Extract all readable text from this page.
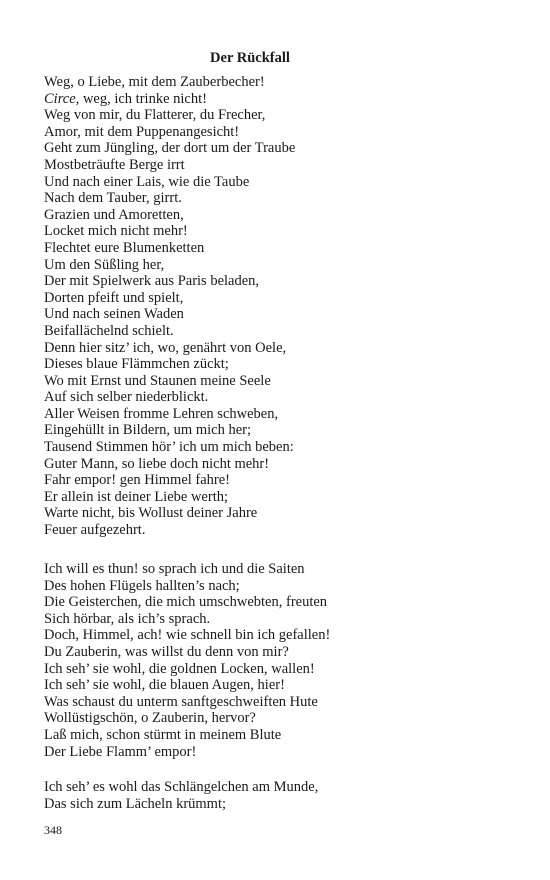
Der Rückfall
Weg, o Liebe, mit dem Zauberbecher!
Circe, weg, ich trinke nicht!
Weg von mir, du Flatterer, du Frecher,
Amor, mit dem Puppenangesicht!
Geht zum Jüngling, der dort um der Traube
Mostbeträufte Berge irrt
Und nach einer Lais, wie die Taube
Nach dem Tauber, girrt.
Grazien und Amoretten,
Locket mich nicht mehr!
Flechtet eure Blumenketten
Um den Süßling her,
Der mit Spielwerk aus Paris beladen,
Dorten pfeift und spielt,
Und nach seinen Waden
Beifallächelnd schielt.
Denn hier sitz’ ich, wo, genährt von Oele,
Dieses blaue Flämmchen zückt;
Wo mit Ernst und Staunen meine Seele
Auf sich selber niederblickt.
Aller Weisen fromme Lehren schweben,
Eingehüllt in Bildern, um mich her;
Tausend Stimmen hör’ ich um mich beben:
Guter Mann, so liebe doch nicht mehr!
Fahr empor! gen Himmel fahre!
Er allein ist deiner Liebe werth;
Warte nicht, bis Wollust deiner Jahre
Feuer aufgezehrt.
Ich will es thun! so sprach ich und die Saiten
Des hohen Flügels hallten’s nach;
Die Geisterchen, die mich umschwebten, freuten
Sich hörbar, als ich’s sprach.
Doch, Himmel, ach! wie schnell bin ich gefallen!
Du Zauberin, was willst du denn von mir?
Ich seh’ sie wohl, die goldnen Locken, wallen!
Ich seh’ sie wohl, die blauen Augen, hier!
Was schaust du unterm sanftgeschweiften Hute
Wollüstigschön, o Zauberin, hervor?
Laß mich, schon stürmt in meinem Blute
Der Liebe Flamm’ empor!
Ich seh’ es wohl das Schlängelchen am Munde,
Das sich zum Lächeln krümmt;
348
